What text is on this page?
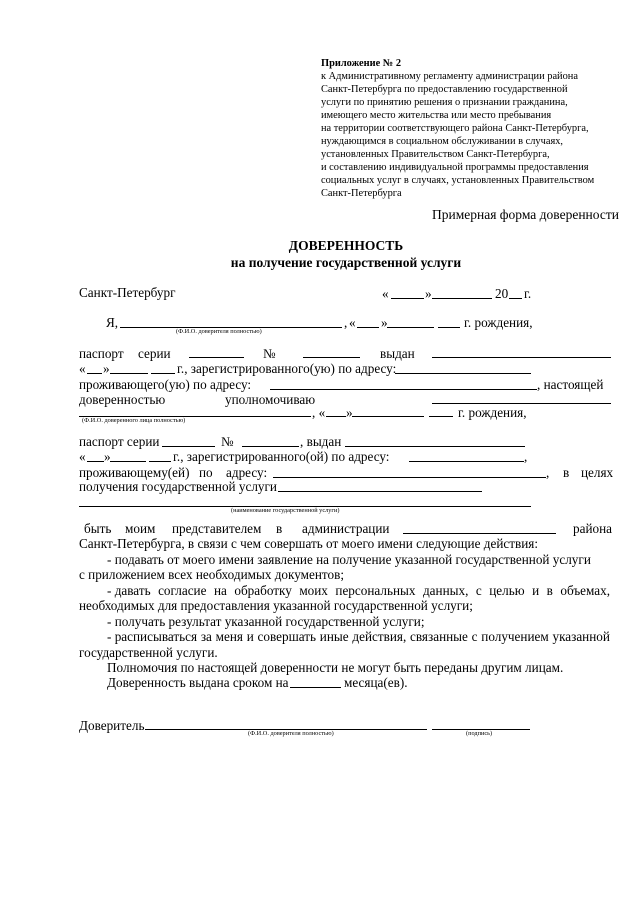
Приложение № 2
к Административному регламенту администрации района
Санкт-Петербурга по предоставлению государственной
услуги по принятию решения о признании гражданина,
имеющего место жительства или место пребывания
на территории соответствующего района Санкт-Петербурга,
нуждающимся в социальном обслуживании в случаях,
установленных Правительством Санкт-Петербурга,
и составлению индивидуальной программы предоставления
социальных услуг в случаях, установленных Правительством
Санкт-Петербурга
Примерная форма доверенности
ДОВЕРЕННОСТЬ
на получение государственной услуги
Санкт-Петербург	«	»	20 г.
Я,
(Ф.И.О. доверителя полностью)
, « »	г. рождения,
паспорт серии	№	выдан
« »	г., зарегистрированного(ую) по адресу:
проживающего(ую) по адресу:	, настоящей
доверенностью	уполномочиваю
(Ф.И.О. доверенного лица полностью)
, « »	г. рождения,
паспорт серии	№	, выдан
« »	г., зарегистрированного(ой) по адресу:	,
проживающему(ей) по адресу:	, в целях
получения государственной услуги
(наименование государственной услуги)
быть моим представителем в администрации	района
Санкт-Петербурга, в связи с чем совершать от моего имени следующие действия:
- подавать от моего имени заявление на получение указанной государственной услуги
с приложением всех необходимых документов;
- давать согласие на обработку моих персональных данных, с целью и в объемах,
необходимых для предоставления указанной государственной услуги;
- получать результат указанной государственной услуги;
- расписываться за меня и совершать иные действия, связанные с получением указанной
государственной услуги.
Полномочия по настоящей доверенности не могут быть переданы другим лицам.
Доверенность выдана сроком на	месяца(ев).
Доверитель
(Ф.И.О. доверителя полностью)	(подпись)
